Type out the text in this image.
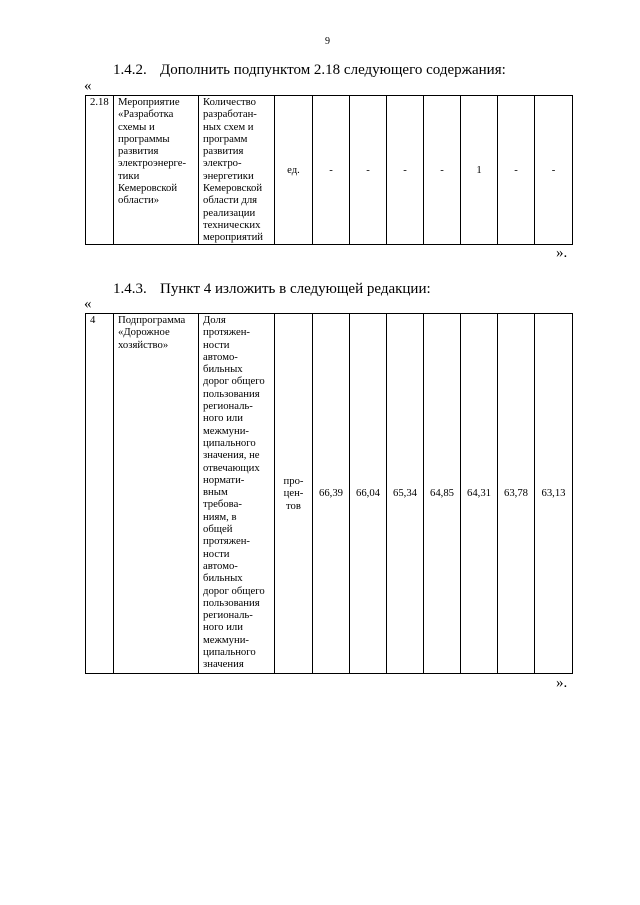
9
1.4.2. Дополнить подпунктом 2.18 следующего содержания:
«
2.18	Мероприятие
«Разработка
схемы и
программы
развития
электроэнерге-
тики
Кемеровской
области»	Количество
разработан-
ных схем и
программ
развития
электро-
энергетики
Кемеровской
области для
реализации
технических
мероприятий	ед.	-	-	-	-	1	-	-
».
1.4.3. Пункт 4 изложить в следующей редакции:
«
4	Подпрограмма
«Дорожное
хозяйство»	Доля
протяжен-
ности
автомо-
бильных
дорог общего
пользования
региональ-
ного или
межмуни-
ципального
значения, не
отвечающих
нормати-
вным
требова-
ниям, в
общей
протяжен-
ности
автомо-
бильных
дорог общего
пользования
региональ-
ного или
межмуни-
ципального
значения	про-
цен-
тов	66,39	66,04	65,34	64,85	64,31	63,78	63,13
».
